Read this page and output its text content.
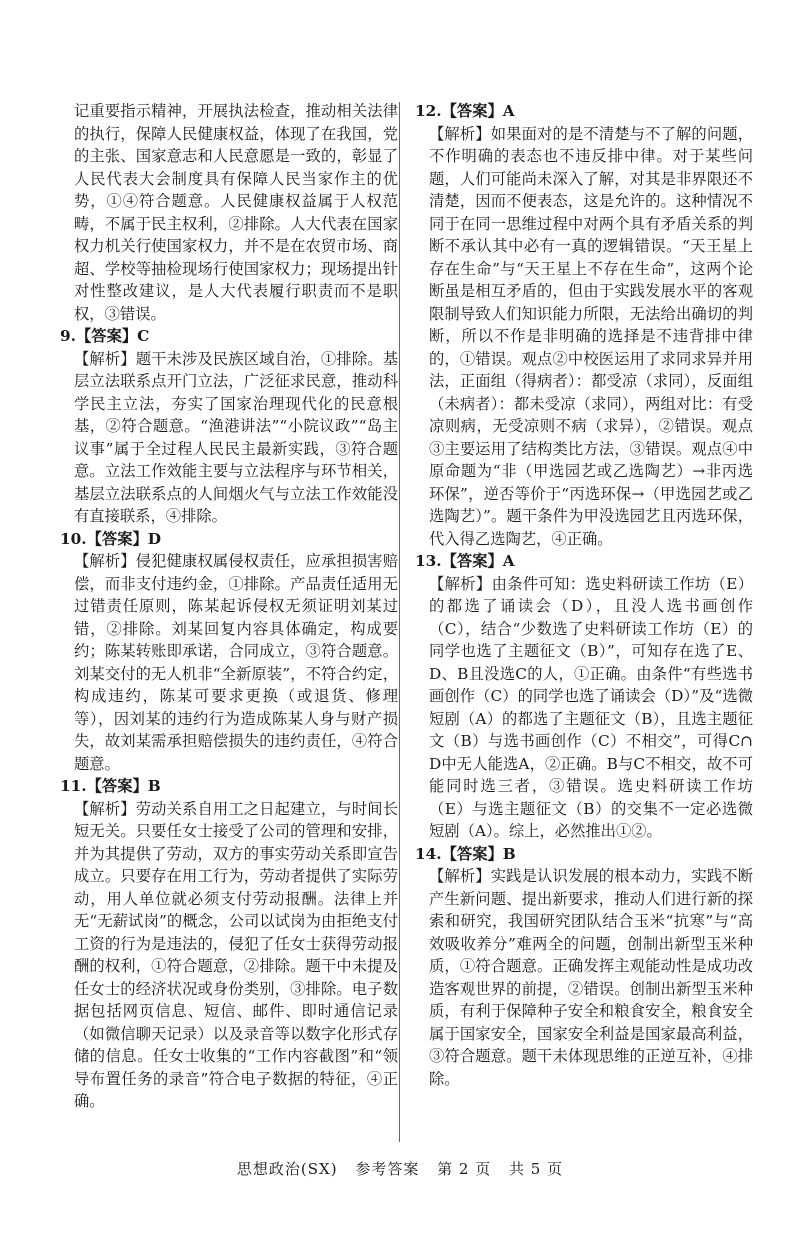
记重要指示精神，开展执法检查，推动相关法律的执行，保障人民健康权益，体现了在我国，党的主张、国家意志和人民意愿是一致的，彰显了人民代表大会制度具有保障人民当家作主的优势，①④符合题意。人民健康权益属于人权范畴，不属于民主权利，②排除。人大代表在国家权力机关行使国家权力，并不是在农贸市场、商超、学校等抽检现场行使国家权力；现场提出针对性整改建议，是人大代表履行职责而不是职权，③错误。

9.【答案】C

【解析】题干未涉及民族区域自治，①排除。基层立法联系点开门立法，广泛征求民意，推动科学民主立法，夯实了国家治理现代化的民意根基，②符合题意。“渔港讲法”“小院议政”“岛主议事”属于全过程人民民主最新实践，③符合题意。立法工作效能主要与立法程序与环节相关，基层立法联系点的人间烟火气与立法工作效能没有直接联系，④排除。

10.【答案】D

【解析】侵犯健康权属侵权责任，应承担损害赔偿，而非支付违约金，①排除。产品责任适用无过错责任原则，陈某起诉侵权无须证明刘某过错，②排除。刘某回复内容具体确定，构成要约；陈某转账即承诺，合同成立，③符合题意。刘某交付的无人机非“全新原装”，不符合约定，构成违约，陈某可要求更换（或退货、修理等），因刘某的违约行为造成陈某人身与财产损失，故刘某需承担赔偿损失的违约责任，④符合题意。

11.【答案】B

【解析】劳动关系自用工之日起建立，与时间长短无关。只要任女士接受了公司的管理和安排，并为其提供了劳动，双方的事实劳动关系即宣告成立。只要存在用工行为，劳动者提供了实际劳动，用人单位就必须支付劳动报酬。法律上并无“无薪试岗”的概念，公司以试岗为由拒绝支付工资的行为是违法的，侵犯了任女士获得劳动报酬的权利，①符合题意，②排除。题干中未提及任女士的经济状况或身份类别，③排除。电子数据包括网页信息、短信、邮件、即时通信记录（如微信聊天记录）以及录音等以数字化形式存储的信息。任女士收集的“工作内容截图”和“领导布置任务的录音”符合电子数据的特征，④正确。

12.【答案】A

【解析】如果面对的是不清楚与不了解的问题，不作明确的表态也不违反排中律。对于某些问题，人们可能尚未深入了解，对其是非界限还不清楚，因而不便表态，这是允许的。这种情况不同于在同一思维过程中对两个具有矛盾关系的判断不承认其中必有一真的逻辑错误。“天王星上存在生命”与“天王星上不存在生命”，这两个论断虽是相互矛盾的，但由于实践发展水平的客观限制导致人们知识能力所限，无法给出确切的判断，所以不作是非明确的选择是不违背排中律的，①错误。观点②中校医运用了求同求异并用法，正面组（得病者）：都受凉（求同），反面组（未病者）：都未受凉（求同），两组对比：有受凉则病，无受凉则不病（求异），②错误。观点③主要运用了结构类比方法，③错误。观点④中原命题为“非（甲选园艺或乙选陶艺）→非丙选环保”，逆否等价于“丙选环保→（甲选园艺或乙选陶艺）”。题干条件为甲没选园艺且丙选环保，代入得乙选陶艺，④正确。

13.【答案】A

【解析】由条件可知：选史料研读工作坊（E）的都选了诵读会（D），且没人选书画创作（C），结合“少数选了史料研读工作坊（E）的同学也选了主题征文（B）”，可知存在选了E、D、B且没选C的人，①正确。由条件“有些选书画创作（C）的同学也选了诵读会（D）”及“选微短剧（A）的都选了主题征文（B），且选主题征文（B）与选书画创作（C）不相交”，可得C∩D中无人能选A，②正确。B与C不相交，故不可能同时选三者，③错误。选史料研读工作坊（E）与选主题征文（B）的交集不一定必选微短剧（A）。综上，必然推出①②。

14.【答案】B

【解析】实践是认识发展的根本动力，实践不断产生新问题、提出新要求，推动人们进行新的探索和研究，我国研究团队结合玉米“抗寒”与“高效吸收养分”难两全的问题，创制出新型玉米种质，①符合题意。正确发挥主观能动性是成功改造客观世界的前提，②错误。创制出新型玉米种质，有利于保障种子安全和粮食安全，粮食安全属于国家安全，国家安全利益是国家最高利益，③符合题意。题干未体现思维的正逆互补，④排除。

思想政治(SX) 参考答案 第 2 页 共 5 页
